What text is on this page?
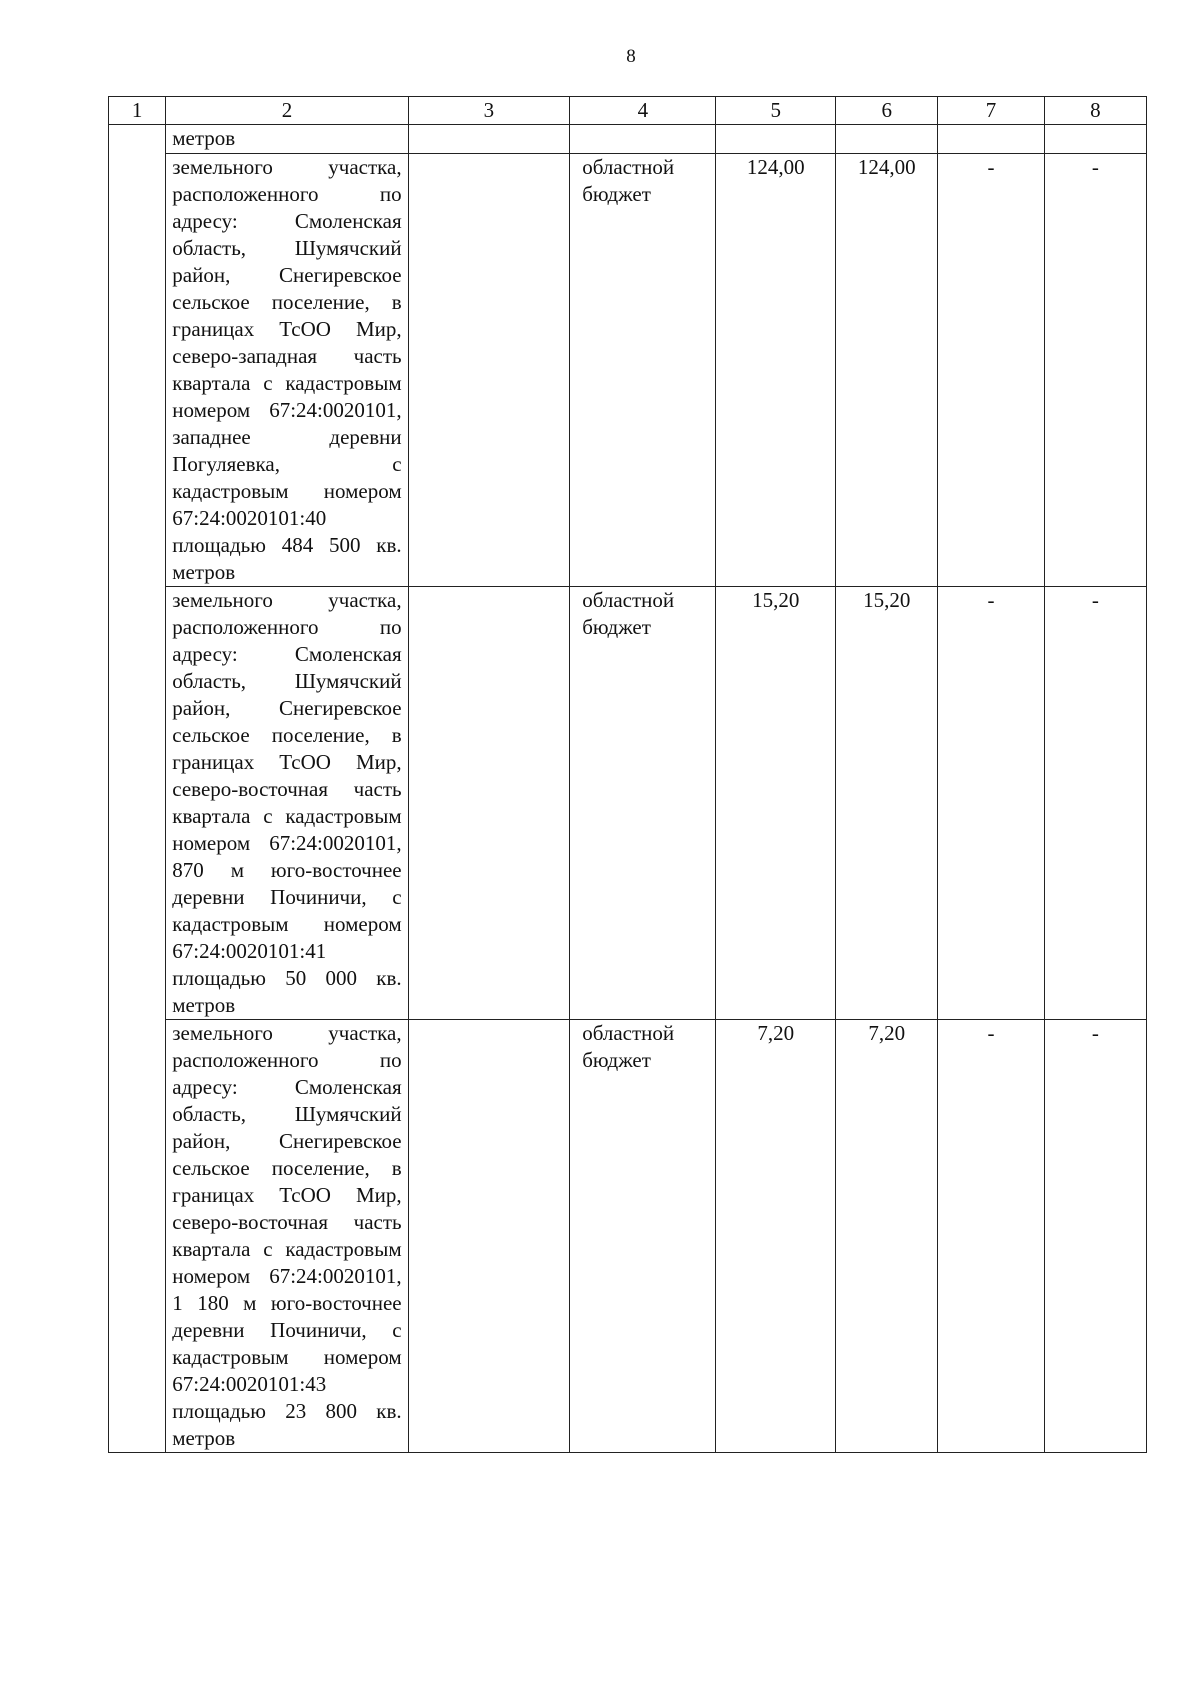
8
1	2	3	4	5	6	7	8
	метров						
	земельного участка, расположенного по адресу: Смоленская область, Шумячский район, Снегиревское сельское поселение, в границах ТсОО Мир, северо-западная часть квартала с кадастровым номером 67:24:0020101, западнее деревни Погуляевка, с кадастровым номером 67:24:0020101:40 площадью 484 500 кв. метров		областной бюджет	124,00	124,00	-	-
	земельного участка, расположенного по адресу: Смоленская область, Шумячский район, Снегиревское сельское поселение, в границах ТсОО Мир, северо-восточная часть квартала с кадастровым номером 67:24:0020101, 870 м юго-восточнее деревни Починичи, с кадастровым номером 67:24:0020101:41 площадью 50 000 кв. метров		областной бюджет	15,20	15,20	-	-
	земельного участка, расположенного по адресу: Смоленская область, Шумячский район, Снегиревское сельское поселение, в границах ТсОО Мир, северо-восточная часть квартала с кадастровым номером 67:24:0020101, 1 180 м юго-восточнее деревни Починичи, с кадастровым номером 67:24:0020101:43 площадью 23 800 кв. метров		областной бюджет	7,20	7,20	-	-
